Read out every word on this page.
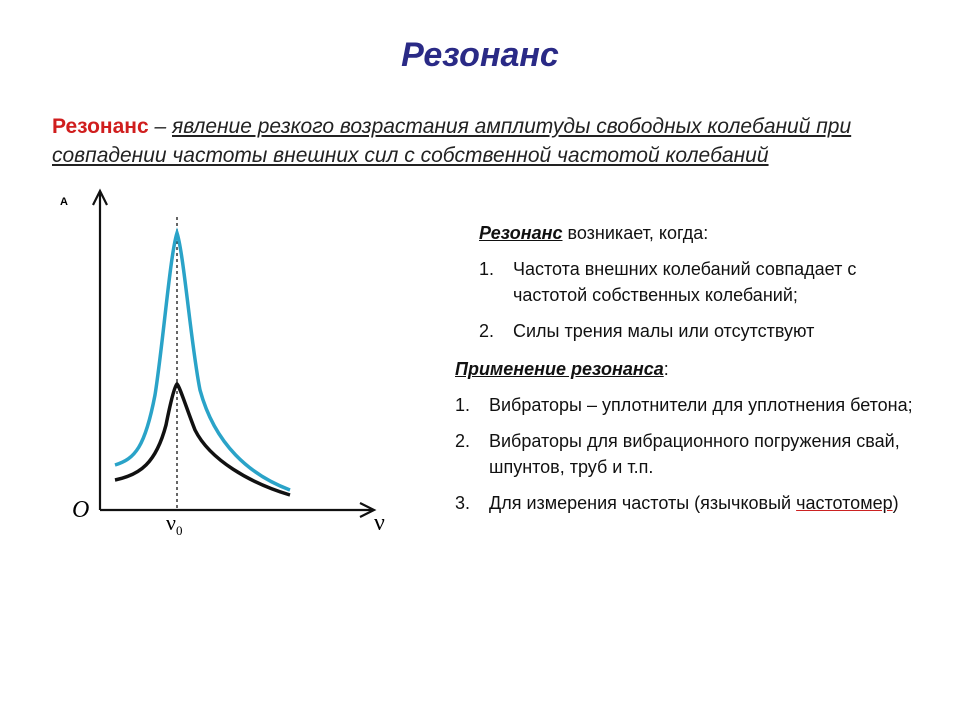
Резонанс
Резонанс – явление резкого возрастания амплитуды свободных колебаний при совпадении частоты внешних сил с собственной частотой колебаний
A
O	ν
$\nu_0$
Резонанс возникает, когда:
1.	Частота внешних колебаний совпадает с частотой собственных колебаний;
2.	Силы трения малы или отсутствуют
Применение резонанса:
1.	Вибраторы – уплотнители для уплотнения бетона;
2.	Вибраторы для вибрационного погружения свай, шпунтов, труб и т.п.
3.	Для измерения частоты (язычковый частотомер)
